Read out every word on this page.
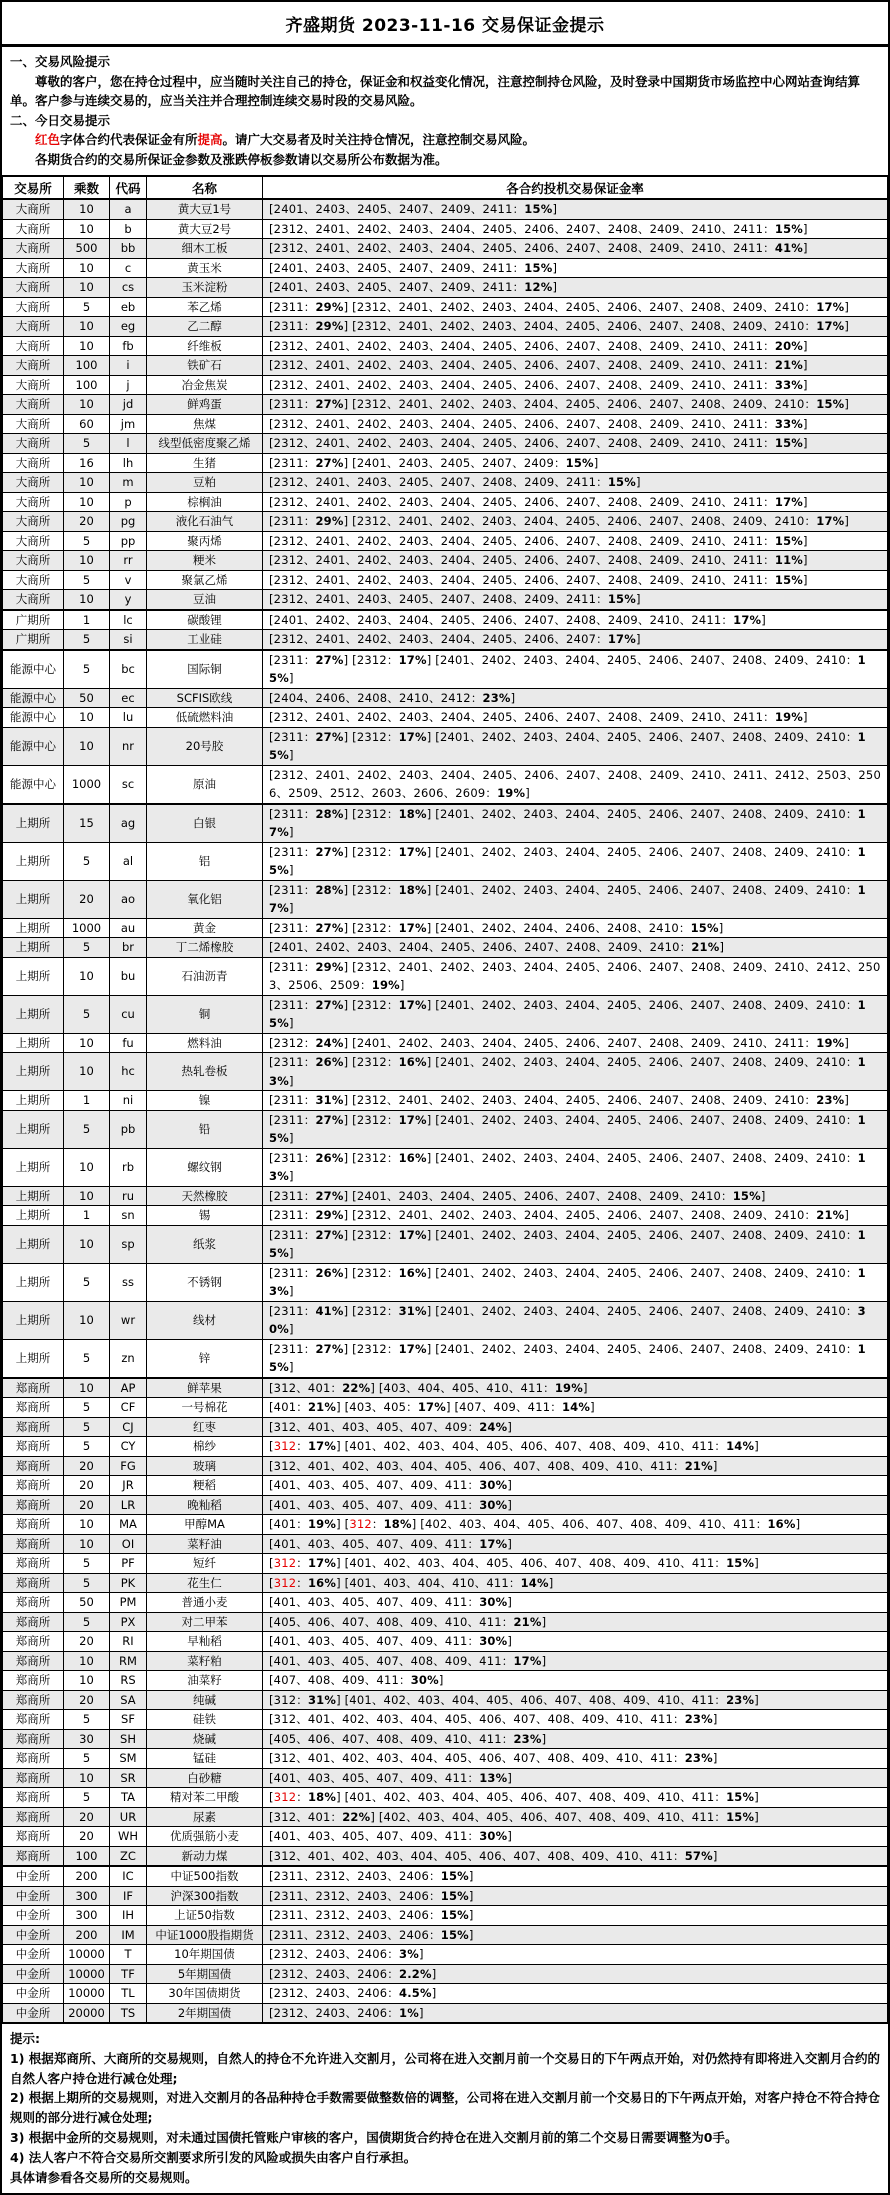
齐盛期货 2023-11-16 交易保证金提示
一、交易风险提示
尊敬的客户，您在持仓过程中，应当随时关注自己的持仓，保证金和权益变化情况，注意控制持仓风险，及时登录中国期货市场监控中心网站查询结算单。客户参与连续交易的，应当关注并合理控制连续交易时段的交易风险。
二、今日交易提示
红色字体合约代表保证金有所提高。请广大交易者及时关注持仓情况，注意控制交易风险。
各期货合约的交易所保证金参数及涨跌停板参数请以交易所公布数据为准。
交易所	乘数	代码	名称	各合约投机交易保证金率
大商所	10	a	黄大豆1号	[2401、2403、2405、2407、2409、2411：15%]
大商所	10	b	黄大豆2号	[2312、2401、2402、2403、2404、2405、2406、2407、2408、2409、2410、2411：15%]
大商所	500	bb	细木工板	[2312、2401、2402、2403、2404、2405、2406、2407、2408、2409、2410、2411：41%]
大商所	10	c	黄玉米	[2401、2403、2405、2407、2409、2411：15%]
大商所	10	cs	玉米淀粉	[2401、2403、2405、2407、2409、2411：12%]
大商所	5	eb	苯乙烯	[2311：29%] [2312、2401、2402、2403、2404、2405、2406、2407、2408、2409、2410：17%]
大商所	10	eg	乙二醇	[2311：29%] [2312、2401、2402、2403、2404、2405、2406、2407、2408、2409、2410：17%]
大商所	10	fb	纤维板	[2312、2401、2402、2403、2404、2405、2406、2407、2408、2409、2410、2411：20%]
大商所	100	i	铁矿石	[2312、2401、2402、2403、2404、2405、2406、2407、2408、2409、2410、2411：21%]
大商所	100	j	冶金焦炭	[2312、2401、2402、2403、2404、2405、2406、2407、2408、2409、2410、2411：33%]
大商所	10	jd	鲜鸡蛋	[2311：27%] [2312、2401、2402、2403、2404、2405、2406、2407、2408、2409、2410：15%]
大商所	60	jm	焦煤	[2312、2401、2402、2403、2404、2405、2406、2407、2408、2409、2410、2411：33%]
大商所	5	l	线型低密度聚乙烯	[2312、2401、2402、2403、2404、2405、2406、2407、2408、2409、2410、2411：15%]
大商所	16	lh	生猪	[2311：27%] [2401、2403、2405、2407、2409：15%]
大商所	10	m	豆粕	[2312、2401、2403、2405、2407、2408、2409、2411：15%]
大商所	10	p	棕榈油	[2312、2401、2402、2403、2404、2405、2406、2407、2408、2409、2410、2411：17%]
大商所	20	pg	液化石油气	[2311：29%] [2312、2401、2402、2403、2404、2405、2406、2407、2408、2409、2410：17%]
大商所	5	pp	聚丙烯	[2312、2401、2402、2403、2404、2405、2406、2407、2408、2409、2410、2411：15%]
大商所	10	rr	粳米	[2312、2401、2402、2403、2404、2405、2406、2407、2408、2409、2410、2411：11%]
大商所	5	v	聚氯乙烯	[2312、2401、2402、2403、2404、2405、2406、2407、2408、2409、2410、2411：15%]
大商所	10	y	豆油	[2312、2401、2403、2405、2407、2408、2409、2411：15%]
广期所	1	lc	碳酸锂	[2401、2402、2403、2404、2405、2406、2407、2408、2409、2410、2411：17%]
广期所	5	si	工业硅	[2312、2401、2402、2403、2404、2405、2406、2407：17%]
能源中心	5	bc	国际铜	[2311：27%] [2312：17%] [2401、2402、2403、2404、2405、2406、2407、2408、2409、2410：15%]
能源中心	50	ec	SCFIS欧线	[2404、2406、2408、2410、2412：23%]
能源中心	10	lu	低硫燃料油	[2312、2401、2402、2403、2404、2405、2406、2407、2408、2409、2410、2411：19%]
能源中心	10	nr	20号胶	[2311：27%] [2312：17%] [2401、2402、2403、2404、2405、2406、2407、2408、2409、2410：15%]
能源中心	1000	sc	原油	[2312、2401、2402、2403、2404、2405、2406、2407、2408、2409、2410、2411、2412、2503、2506、2509、2512、2603、2606、2609：19%]
上期所	15	ag	白银	[2311：28%] [2312：18%] [2401、2402、2403、2404、2405、2406、2407、2408、2409、2410：17%]
上期所	5	al	铝	[2311：27%] [2312：17%] [2401、2402、2403、2404、2405、2406、2407、2408、2409、2410：15%]
上期所	20	ao	氧化铝	[2311：28%] [2312：18%] [2401、2402、2403、2404、2405、2406、2407、2408、2409、2410：17%]
上期所	1000	au	黄金	[2311：27%] [2312：17%] [2401、2402、2404、2406、2408、2410：15%]
上期所	5	br	丁二烯橡胶	[2401、2402、2403、2404、2405、2406、2407、2408、2409、2410：21%]
上期所	10	bu	石油沥青	[2311：29%] [2312、2401、2402、2403、2404、2405、2406、2407、2408、2409、2410、2412、2503、2506、2509：19%]
上期所	5	cu	铜	[2311：27%] [2312：17%] [2401、2402、2403、2404、2405、2406、2407、2408、2409、2410：15%]
上期所	10	fu	燃料油	[2312：24%] [2401、2402、2403、2404、2405、2406、2407、2408、2409、2410、2411：19%]
上期所	10	hc	热轧卷板	[2311：26%] [2312：16%] [2401、2402、2403、2404、2405、2406、2407、2408、2409、2410：13%]
上期所	1	ni	镍	[2311：31%] [2312、2401、2402、2403、2404、2405、2406、2407、2408、2409、2410：23%]
上期所	5	pb	铅	[2311：27%] [2312：17%] [2401、2402、2403、2404、2405、2406、2407、2408、2409、2410：15%]
上期所	10	rb	螺纹钢	[2311：26%] [2312：16%] [2401、2402、2403、2404、2405、2406、2407、2408、2409、2410：13%]
上期所	10	ru	天然橡胶	[2311：27%] [2401、2403、2404、2405、2406、2407、2408、2409、2410：15%]
上期所	1	sn	锡	[2311：29%] [2312、2401、2402、2403、2404、2405、2406、2407、2408、2409、2410：21%]
上期所	10	sp	纸浆	[2311：27%] [2312：17%] [2401、2402、2403、2404、2405、2406、2407、2408、2409、2410：15%]
上期所	5	ss	不锈钢	[2311：26%] [2312：16%] [2401、2402、2403、2404、2405、2406、2407、2408、2409、2410：13%]
上期所	10	wr	线材	[2311：41%] [2312：31%] [2401、2402、2403、2404、2405、2406、2407、2408、2409、2410：30%]
上期所	5	zn	锌	[2311：27%] [2312：17%] [2401、2402、2403、2404、2405、2406、2407、2408、2409、2410：15%]
郑商所	10	AP	鲜苹果	[312、401：22%] [403、404、405、410、411：19%]
郑商所	5	CF	一号棉花	[401：21%] [403、405：17%] [407、409、411：14%]
郑商所	5	CJ	红枣	[312、401、403、405、407、409：24%]
郑商所	5	CY	棉纱	[312：17%] [401、402、403、404、405、406、407、408、409、410、411：14%]
郑商所	20	FG	玻璃	[312、401、402、403、404、405、406、407、408、409、410、411：21%]
郑商所	20	JR	粳稻	[401、403、405、407、409、411：30%]
郑商所	20	LR	晚籼稻	[401、403、405、407、409、411：30%]
郑商所	10	MA	甲醇MA	[401：19%] [312：18%] [402、403、404、405、406、407、408、409、410、411：16%]
郑商所	10	OI	菜籽油	[401、403、405、407、409、411：17%]
郑商所	5	PF	短纤	[312：17%] [401、402、403、404、405、406、407、408、409、410、411：15%]
郑商所	5	PK	花生仁	[312：16%] [401、403、404、410、411：14%]
郑商所	50	PM	普通小麦	[401、403、405、407、409、411：30%]
郑商所	5	PX	对二甲苯	[405、406、407、408、409、410、411：21%]
郑商所	20	RI	早籼稻	[401、403、405、407、409、411：30%]
郑商所	10	RM	菜籽粕	[401、403、405、407、408、409、411：17%]
郑商所	10	RS	油菜籽	[407、408、409、411：30%]
郑商所	20	SA	纯碱	[312：31%] [401、402、403、404、405、406、407、408、409、410、411：23%]
郑商所	5	SF	硅铁	[312、401、402、403、404、405、406、407、408、409、410、411：23%]
郑商所	30	SH	烧碱	[405、406、407、408、409、410、411：23%]
郑商所	5	SM	锰硅	[312、401、402、403、404、405、406、407、408、409、410、411：23%]
郑商所	10	SR	白砂糖	[401、403、405、407、409、411：13%]
郑商所	5	TA	精对苯二甲酸	[312：18%] [401、402、403、404、405、406、407、408、409、410、411：15%]
郑商所	20	UR	尿素	[312、401：22%] [402、403、404、405、406、407、408、409、410、411：15%]
郑商所	20	WH	优质强筋小麦	[401、403、405、407、409、411：30%]
郑商所	100	ZC	新动力煤	[312、401、402、403、404、405、406、407、408、409、410、411：57%]
中金所	200	IC	中证500指数	[2311、2312、2403、2406：15%]
中金所	300	IF	沪深300指数	[2311、2312、2403、2406：15%]
中金所	300	IH	上证50指数	[2311、2312、2403、2406：15%]
中金所	200	IM	中证1000股指期货	[2311、2312、2403、2406：15%]
中金所	10000	T	10年期国债	[2312、2403、2406：3%]
中金所	10000	TF	5年期国债	[2312、2403、2406：2.2%]
中金所	10000	TL	30年国债期货	[2312、2403、2406：4.5%]
中金所	20000	TS	2年期国债	[2312、2403、2406：1%]
提示:
1) 根据郑商所、大商所的交易规则，自然人的持仓不允许进入交割月，公司将在进入交割月前一个交易日的下午两点开始，对仍然持有即将进入交割月合约的自然人客户持仓进行减仓处理;
2) 根据上期所的交易规则，对进入交割月的各品种持仓手数需要做整数倍的调整，公司将在进入交割月前一个交易日的下午两点开始，对客户持仓不符合持仓规则的部分进行减仓处理;
3) 根据中金所的交易规则，对未通过国债托管账户审核的客户，国债期货合约持仓在进入交割月前的第二个交易日需要调整为0手。
4) 法人客户不符合交易所交割要求所引发的风险或损失由客户自行承担。
具体请参看各交易所的交易规则。
